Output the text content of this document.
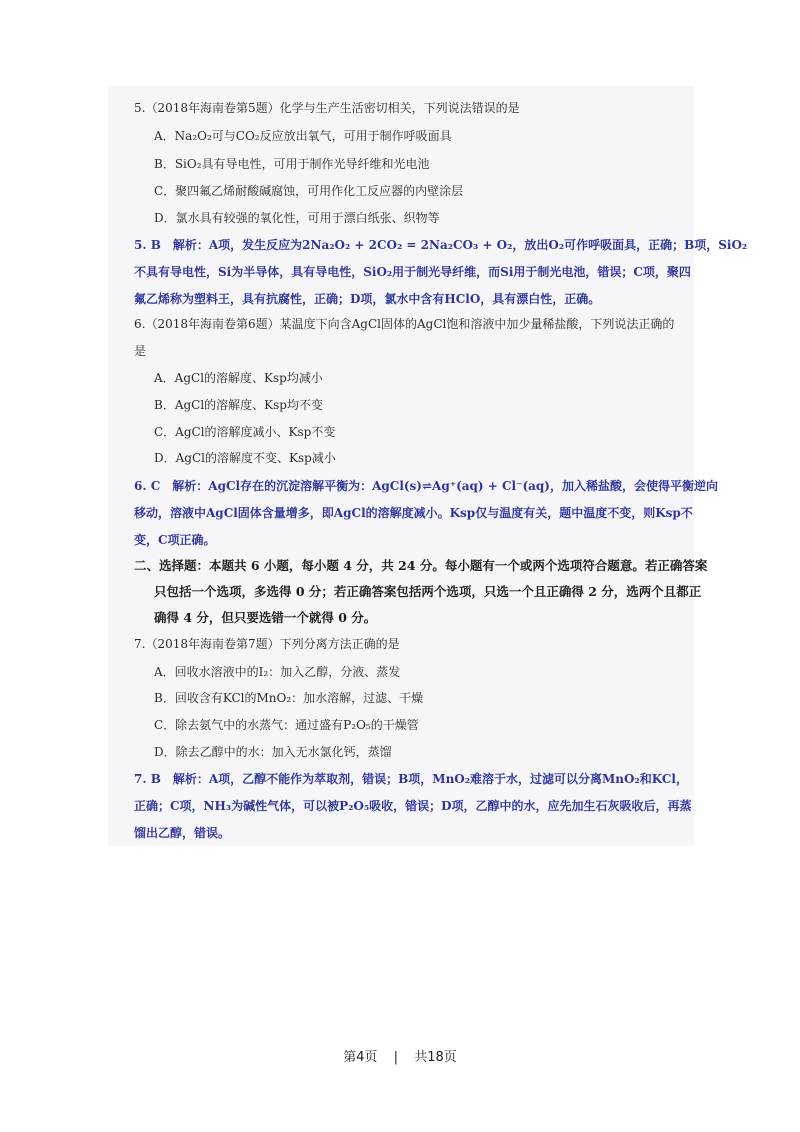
5.（2018年海南卷第5题）化学与生产生活密切相关，下列说法错误的是
A．Na₂O₂可与CO₂反应放出氧气，可用于制作呼吸面具
B．SiO₂具有导电性，可用于制作光导纤维和光电池
C．聚四氟乙烯耐酸碱腐蚀，可用作化工反应器的内壁涂层
D．氯水具有较强的氧化性，可用于漂白纸张、织物等
5. B　解析：A项，发生反应为2Na₂O₂ + 2CO₂ = 2Na₂CO₃ + O₂，放出O₂可作呼吸面具，正确；B项，SiO₂
不具有导电性，Si为半导体，具有导电性，SiO₂用于制光导纤维，而Si用于制光电池，错误；C项，聚四
氟乙烯称为塑料王，具有抗腐性，正确；D项，氯水中含有HClO，具有漂白性，正确。
6.（2018年海南卷第6题）某温度下向含AgCl固体的AgCl饱和溶液中加少量稀盐酸，下列说法正确的
是
A．AgCl的溶解度、Ksp均减小
B．AgCl的溶解度、Ksp均不变
C．AgCl的溶解度减小、Ksp不变
D．AgCl的溶解度不变、Ksp减小
6. C　解析：AgCl存在的沉淀溶解平衡为：AgCl(s)⇌Ag⁺(aq) + Cl⁻(aq)，加入稀盐酸，会使得平衡逆向
移动，溶液中AgCl固体含量增多，即AgCl的溶解度减小。Ksp仅与温度有关，题中温度不变，则Ksp不
变，C项正确。
二、选择题：本题共 6 小题，每小题 4 分，共 24 分。每小题有一个或两个选项符合题意。若正确答案
只包括一个选项，多选得 0 分；若正确答案包括两个选项，只选一个且正确得 2 分，选两个且都正
确得 4 分，但只要选错一个就得 0 分。
7.（2018年海南卷第7题）下列分离方法正确的是
A．回收水溶液中的I₂：加入乙醇，分液、蒸发
B．回收含有KCl的MnO₂：加水溶解，过滤、干燥
C．除去氨气中的水蒸气：通过盛有P₂O₅的干燥管
D．除去乙醇中的水：加入无水氯化钙，蒸馏
7. B　解析：A项，乙醇不能作为萃取剂，错误；B项，MnO₂难溶于水，过滤可以分离MnO₂和KCl，
正确；C项，NH₃为碱性气体，可以被P₂O₅吸收，错误；D项，乙醇中的水，应先加生石灰吸收后，再蒸
馏出乙醇，错误。
第4页 | 共18页
